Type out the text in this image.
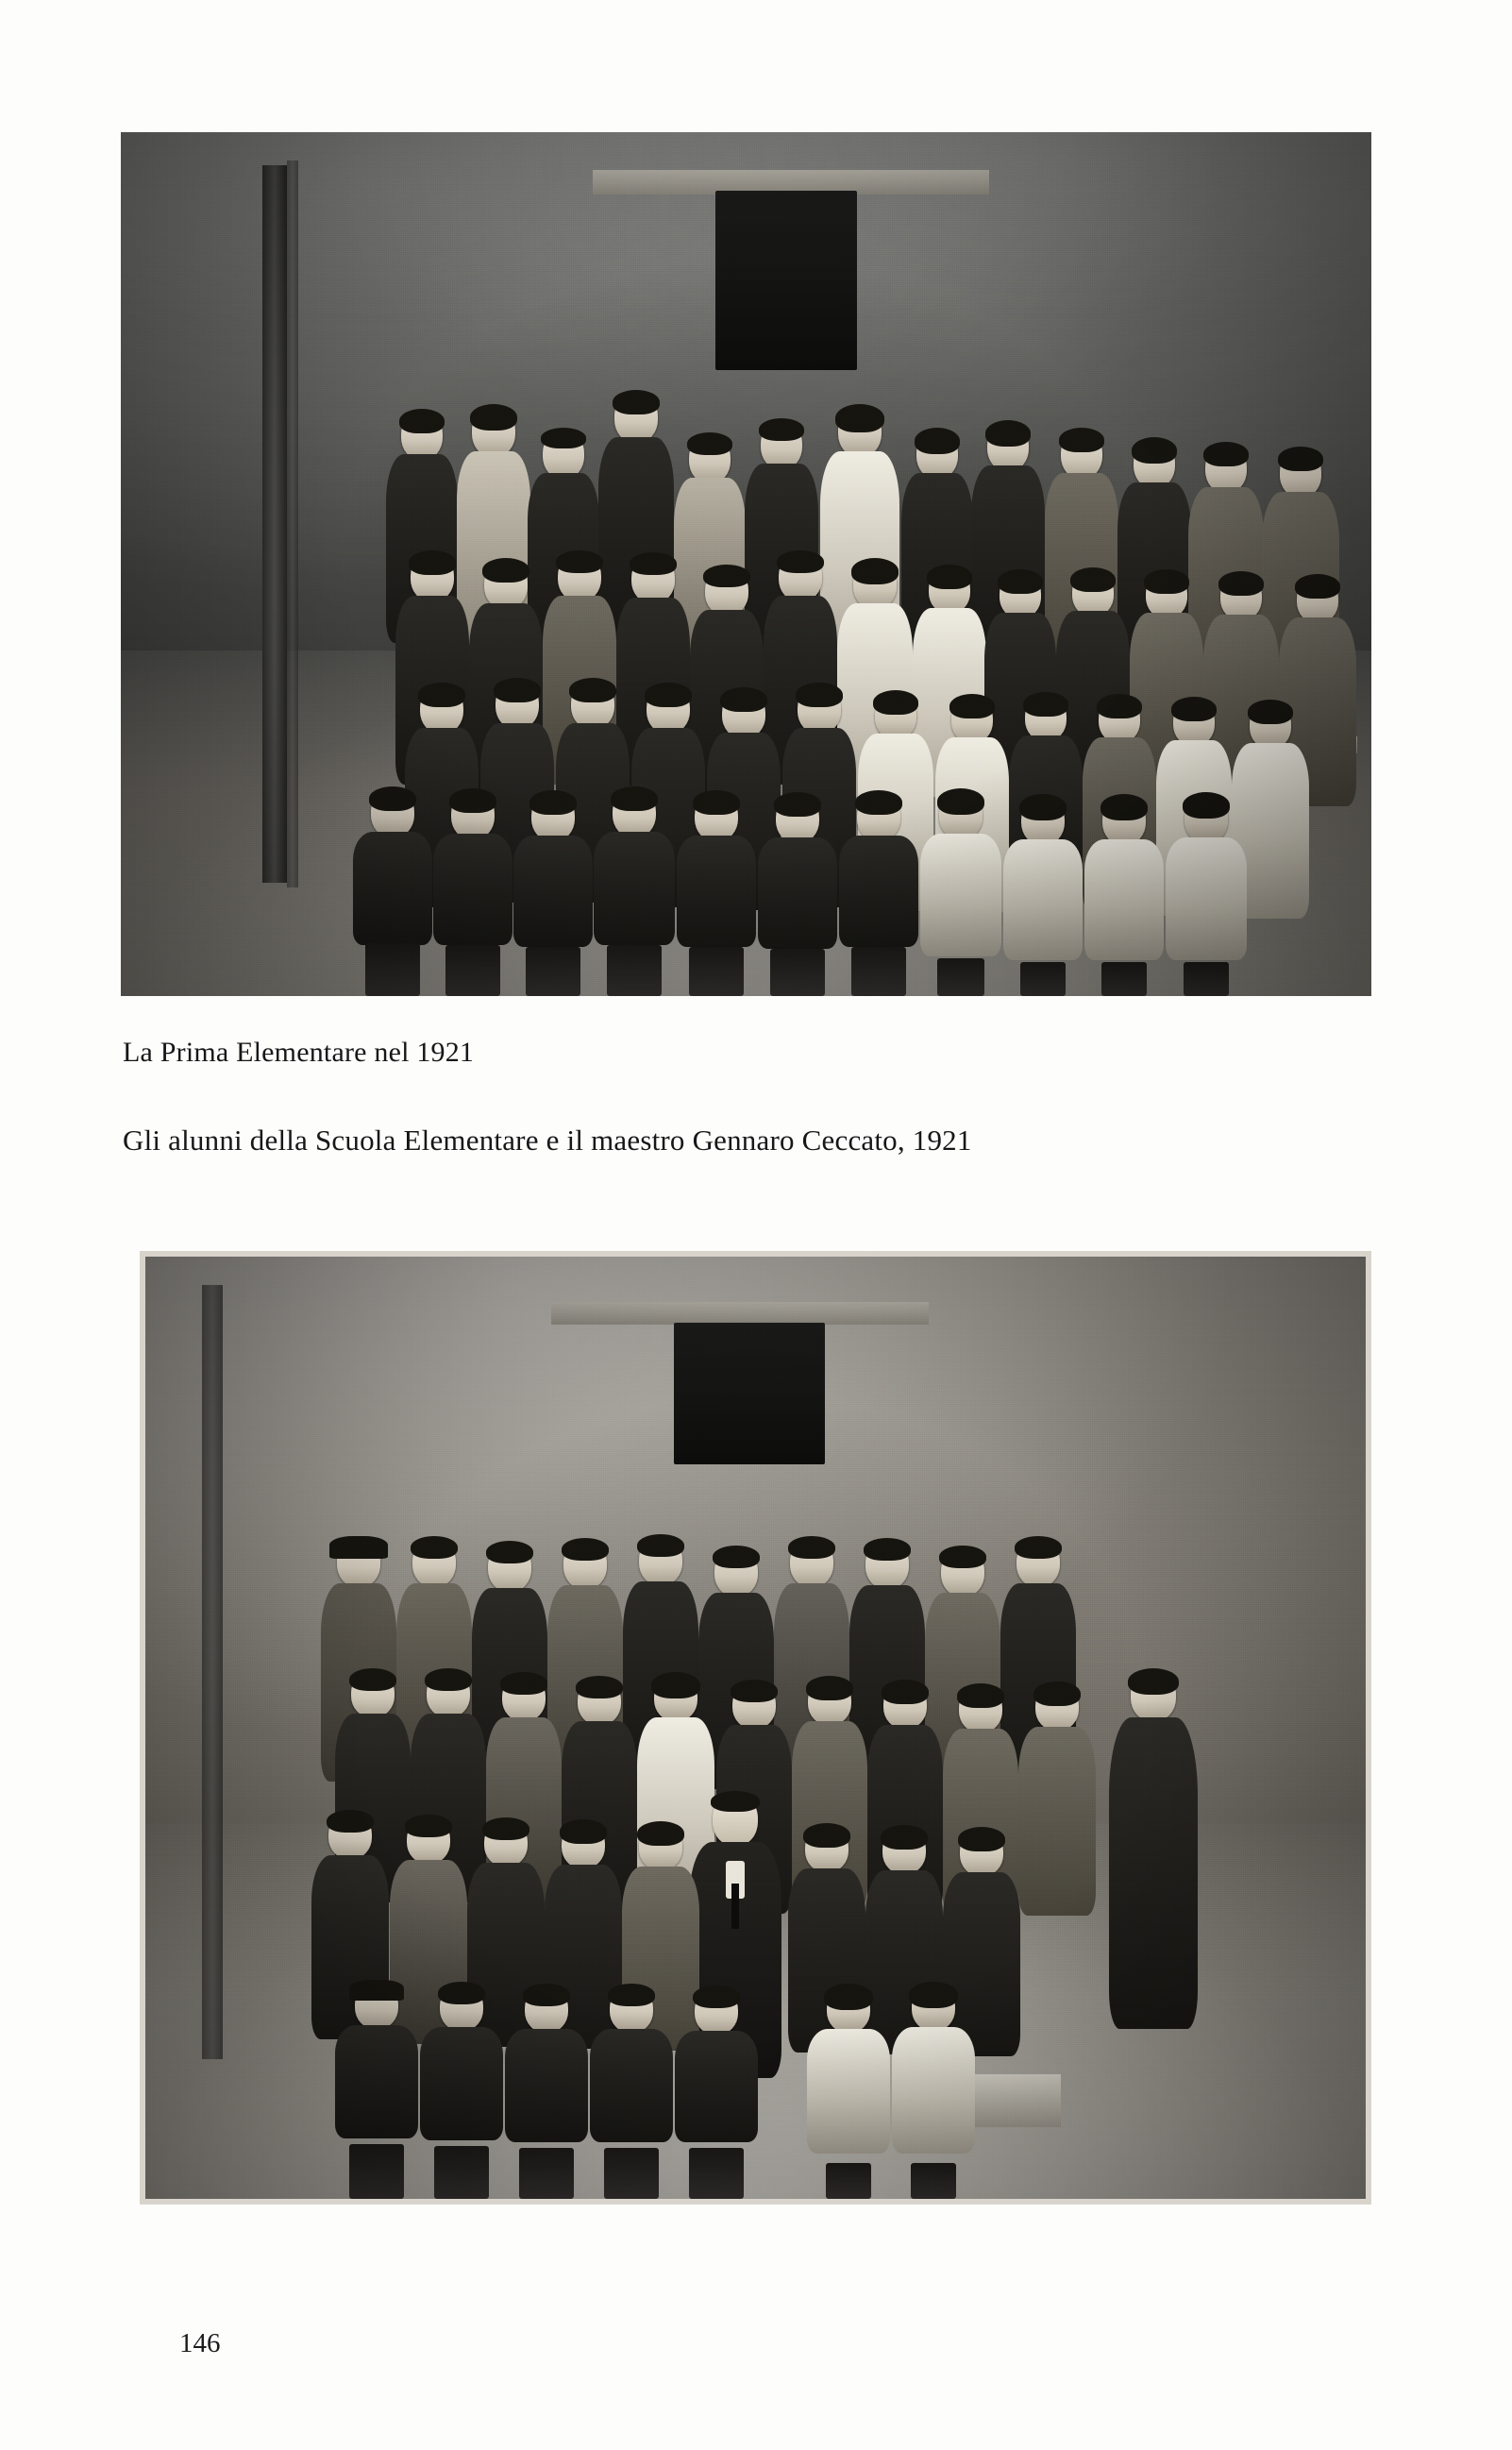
La Prima Elementare nel 1921
Gli alunni della Scuola Elementare e il maestro Gennaro Ceccato, 1921
146
